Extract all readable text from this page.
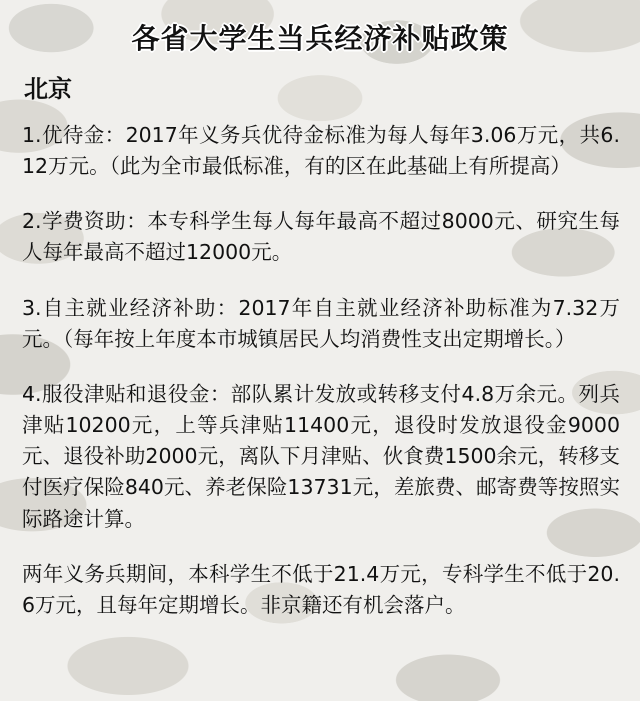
各省大学生当兵经济补贴政策
北京

1.优待金：2017年义务兵优待金标准为每人每年3.06万元，共6.12万元。（此为全市最低标准，有的区在此基础上有所提高）

2.学费资助：本专科学生每人每年最高不超过8000元、研究生每人每年最高不超过12000元。

3.自主就业经济补助：2017年自主就业经济补助标准为7.32万元。（每年按上年度本市城镇居民人均消费性支出定期增长。）

4.服役津贴和退役金：部队累计发放或转移支付4.8万余元。列兵津贴10200元，上等兵津贴11400元，退役时发放退役金9000元、退役补助2000元，离队下月津贴、伙食费1500余元，转移支付医疗保险840元、养老保险13731元，差旅费、邮寄费等按照实际路途计算。

两年义务兵期间，本科学生不低于21.4万元，专科学生不低于20.6万元，且每年定期增长。非京籍还有机会落户。
